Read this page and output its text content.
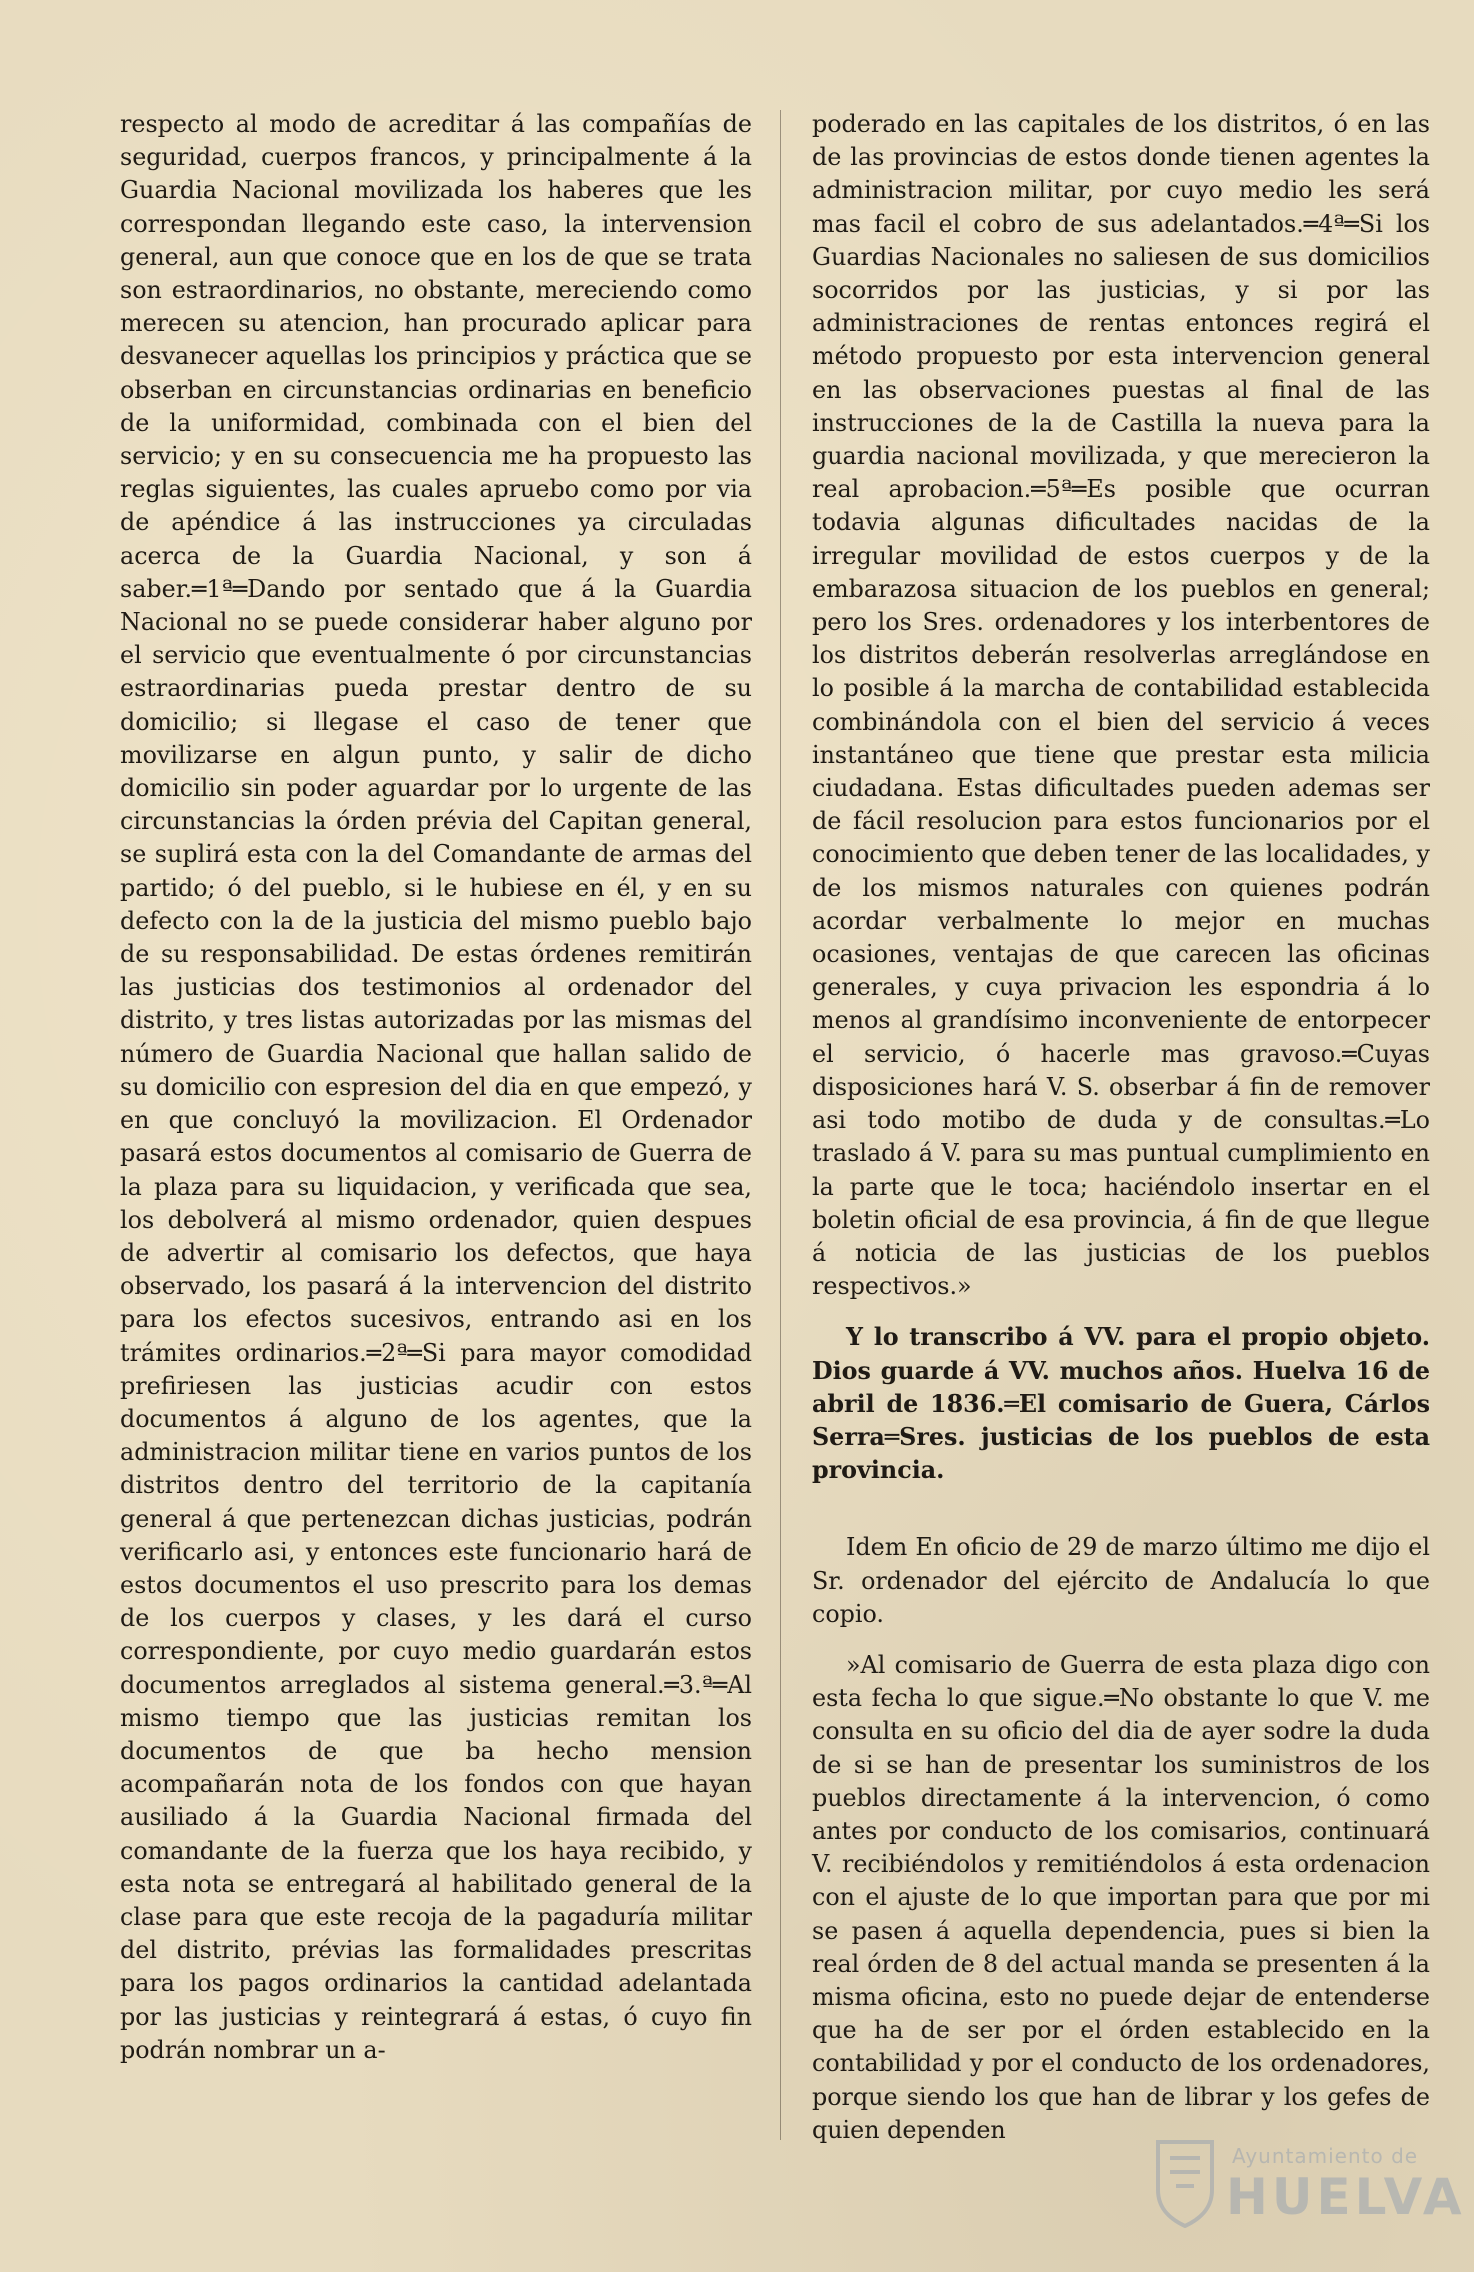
respecto al modo de acreditar á las compañías de seguridad, cuerpos francos, y principalmente á la Guardia Nacional movilizada los haberes que les correspondan llegando este caso, la intervension general, aun que conoce que en los de que se trata son estraordinarios, no obstante, mereciendo como merecen su atencion, han procurado aplicar para desvanecer aquellas los principios y práctica que se obserban en circunstancias ordinarias en beneficio de la uniformidad, combinada con el bien del servicio; y en su consecuencia me ha propuesto las reglas siguientes, las cuales apruebo como por via de apéndice á las instrucciones ya circuladas acerca de la Guardia Nacional, y son á saber.═1ª═Dando por sentado que á la Guardia Nacional no se puede considerar haber alguno por el servicio que eventualmente ó por circunstancias estraordinarias pueda prestar dentro de su domicilio; si llegase el caso de tener que movilizarse en algun punto, y salir de dicho domicilio sin poder aguardar por lo urgente de las circunstancias la órden prévia del Capitan general, se suplirá esta con la del Comandante de armas del partido; ó del pueblo, si le hubiese en él, y en su defecto con la de la justicia del mismo pueblo bajo de su responsabilidad. De estas órdenes remitirán las justicias dos testimonios al ordenador del distrito, y tres listas autorizadas por las mismas del número de Guardia Nacional que hallan salido de su domicilio con espresion del dia en que empezó, y en que concluyó la movilizacion. El Ordenador pasará estos documentos al comisario de Guerra de la plaza para su liquidacion, y verificada que sea, los debolverá al mismo ordenador, quien despues de advertir al comisario los defectos, que haya observado, los pasará á la intervencion del distrito para los efectos sucesivos, entrando asi en los trámites ordinarios.═2ª═Si para mayor comodidad prefiriesen las justicias acudir con estos documentos á alguno de los agentes, que la administracion militar tiene en varios puntos de los distritos dentro del territorio de la capitanía general á que pertenezcan dichas justicias, podrán verificarlo asi, y entonces este funcionario hará de estos documentos el uso prescrito para los demas de los cuerpos y clases, y les dará el curso correspondiente, por cuyo medio guardarán estos documentos arreglados al sistema general.═3.ª═Al mismo tiempo que las justicias remitan los documentos de que ba hecho mension acompañarán nota de los fondos con que hayan ausiliado á la Guardia Nacional firmada del comandante de la fuerza que los haya recibido, y esta nota se entregará al habilitado general de la clase para que este recoja de la pagaduría militar del distrito, prévias las formalidades prescritas para los pagos ordinarios la cantidad adelantada por las justicias y reintegrará á estas, ó cuyo fin podrán nombrar un a-

poderado en las capitales de los distritos, ó en las de las provincias de estos donde tienen agentes la administracion militar, por cuyo medio les será mas facil el cobro de sus adelantados.═4ª═Si los Guardias Nacionales no saliesen de sus domicilios socorridos por las justicias, y si por las administraciones de rentas entonces regirá el método propuesto por esta intervencion general en las observaciones puestas al final de las instrucciones de la de Castilla la nueva para la guardia nacional movilizada, y que merecieron la real aprobacion.═5ª═Es posible que ocurran todavia algunas dificultades nacidas de la irregular movilidad de estos cuerpos y de la embarazosa situacion de los pueblos en general; pero los Sres. ordenadores y los interbentores de los distritos deberán resolverlas arreglándose en lo posible á la marcha de contabilidad establecida combinándola con el bien del servicio á veces instantáneo que tiene que prestar esta milicia ciudadana. Estas dificultades pueden ademas ser de fácil resolucion para estos funcionarios por el conocimiento que deben tener de las localidades, y de los mismos naturales con quienes podrán acordar verbalmente lo mejor en muchas ocasiones, ventajas de que carecen las oficinas generales, y cuya privacion les espondria á lo menos al grandísimo inconveniente de entorpecer el servicio, ó hacerle mas gravoso.═Cuyas disposiciones hará V. S. obserbar á fin de remover asi todo motibo de duda y de consultas.═Lo traslado á V. para su mas puntual cumplimiento en la parte que le toca; haciéndolo insertar en el boletin oficial de esa provincia, á fin de que llegue á noticia de las justicias de los pueblos respectivos.»

Y lo transcribo á VV. para el propio objeto. Dios guarde á VV. muchos años. Huelva 16 de abril de 1836.═El comisario de Guera, Cárlos Serra═Sres. justicias de los pueblos de esta provincia.

Idem En oficio de 29 de marzo último me dijo el Sr. ordenador del ejército de Andalucía lo que copio.

»Al comisario de Guerra de esta plaza digo con esta fecha lo que sigue.═No obstante lo que V. me consulta en su oficio del dia de ayer sodre la duda de si se han de presentar los suministros de los pueblos directamente á la intervencion, ó como antes por conducto de los comisarios, continuará V. recibiéndolos y remitiéndolos á esta ordenacion con el ajuste de lo que importan para que por mi se pasen á aquella dependencia, pues si bien la real órden de 8 del actual manda se presenten á la misma oficina, esto no puede dejar de entenderse que ha de ser por el órden establecido en la contabilidad y por el conducto de los ordenadores, porque siendo los que han de librar y los gefes de quien dependen

Ayuntamiento de
HUELVA
